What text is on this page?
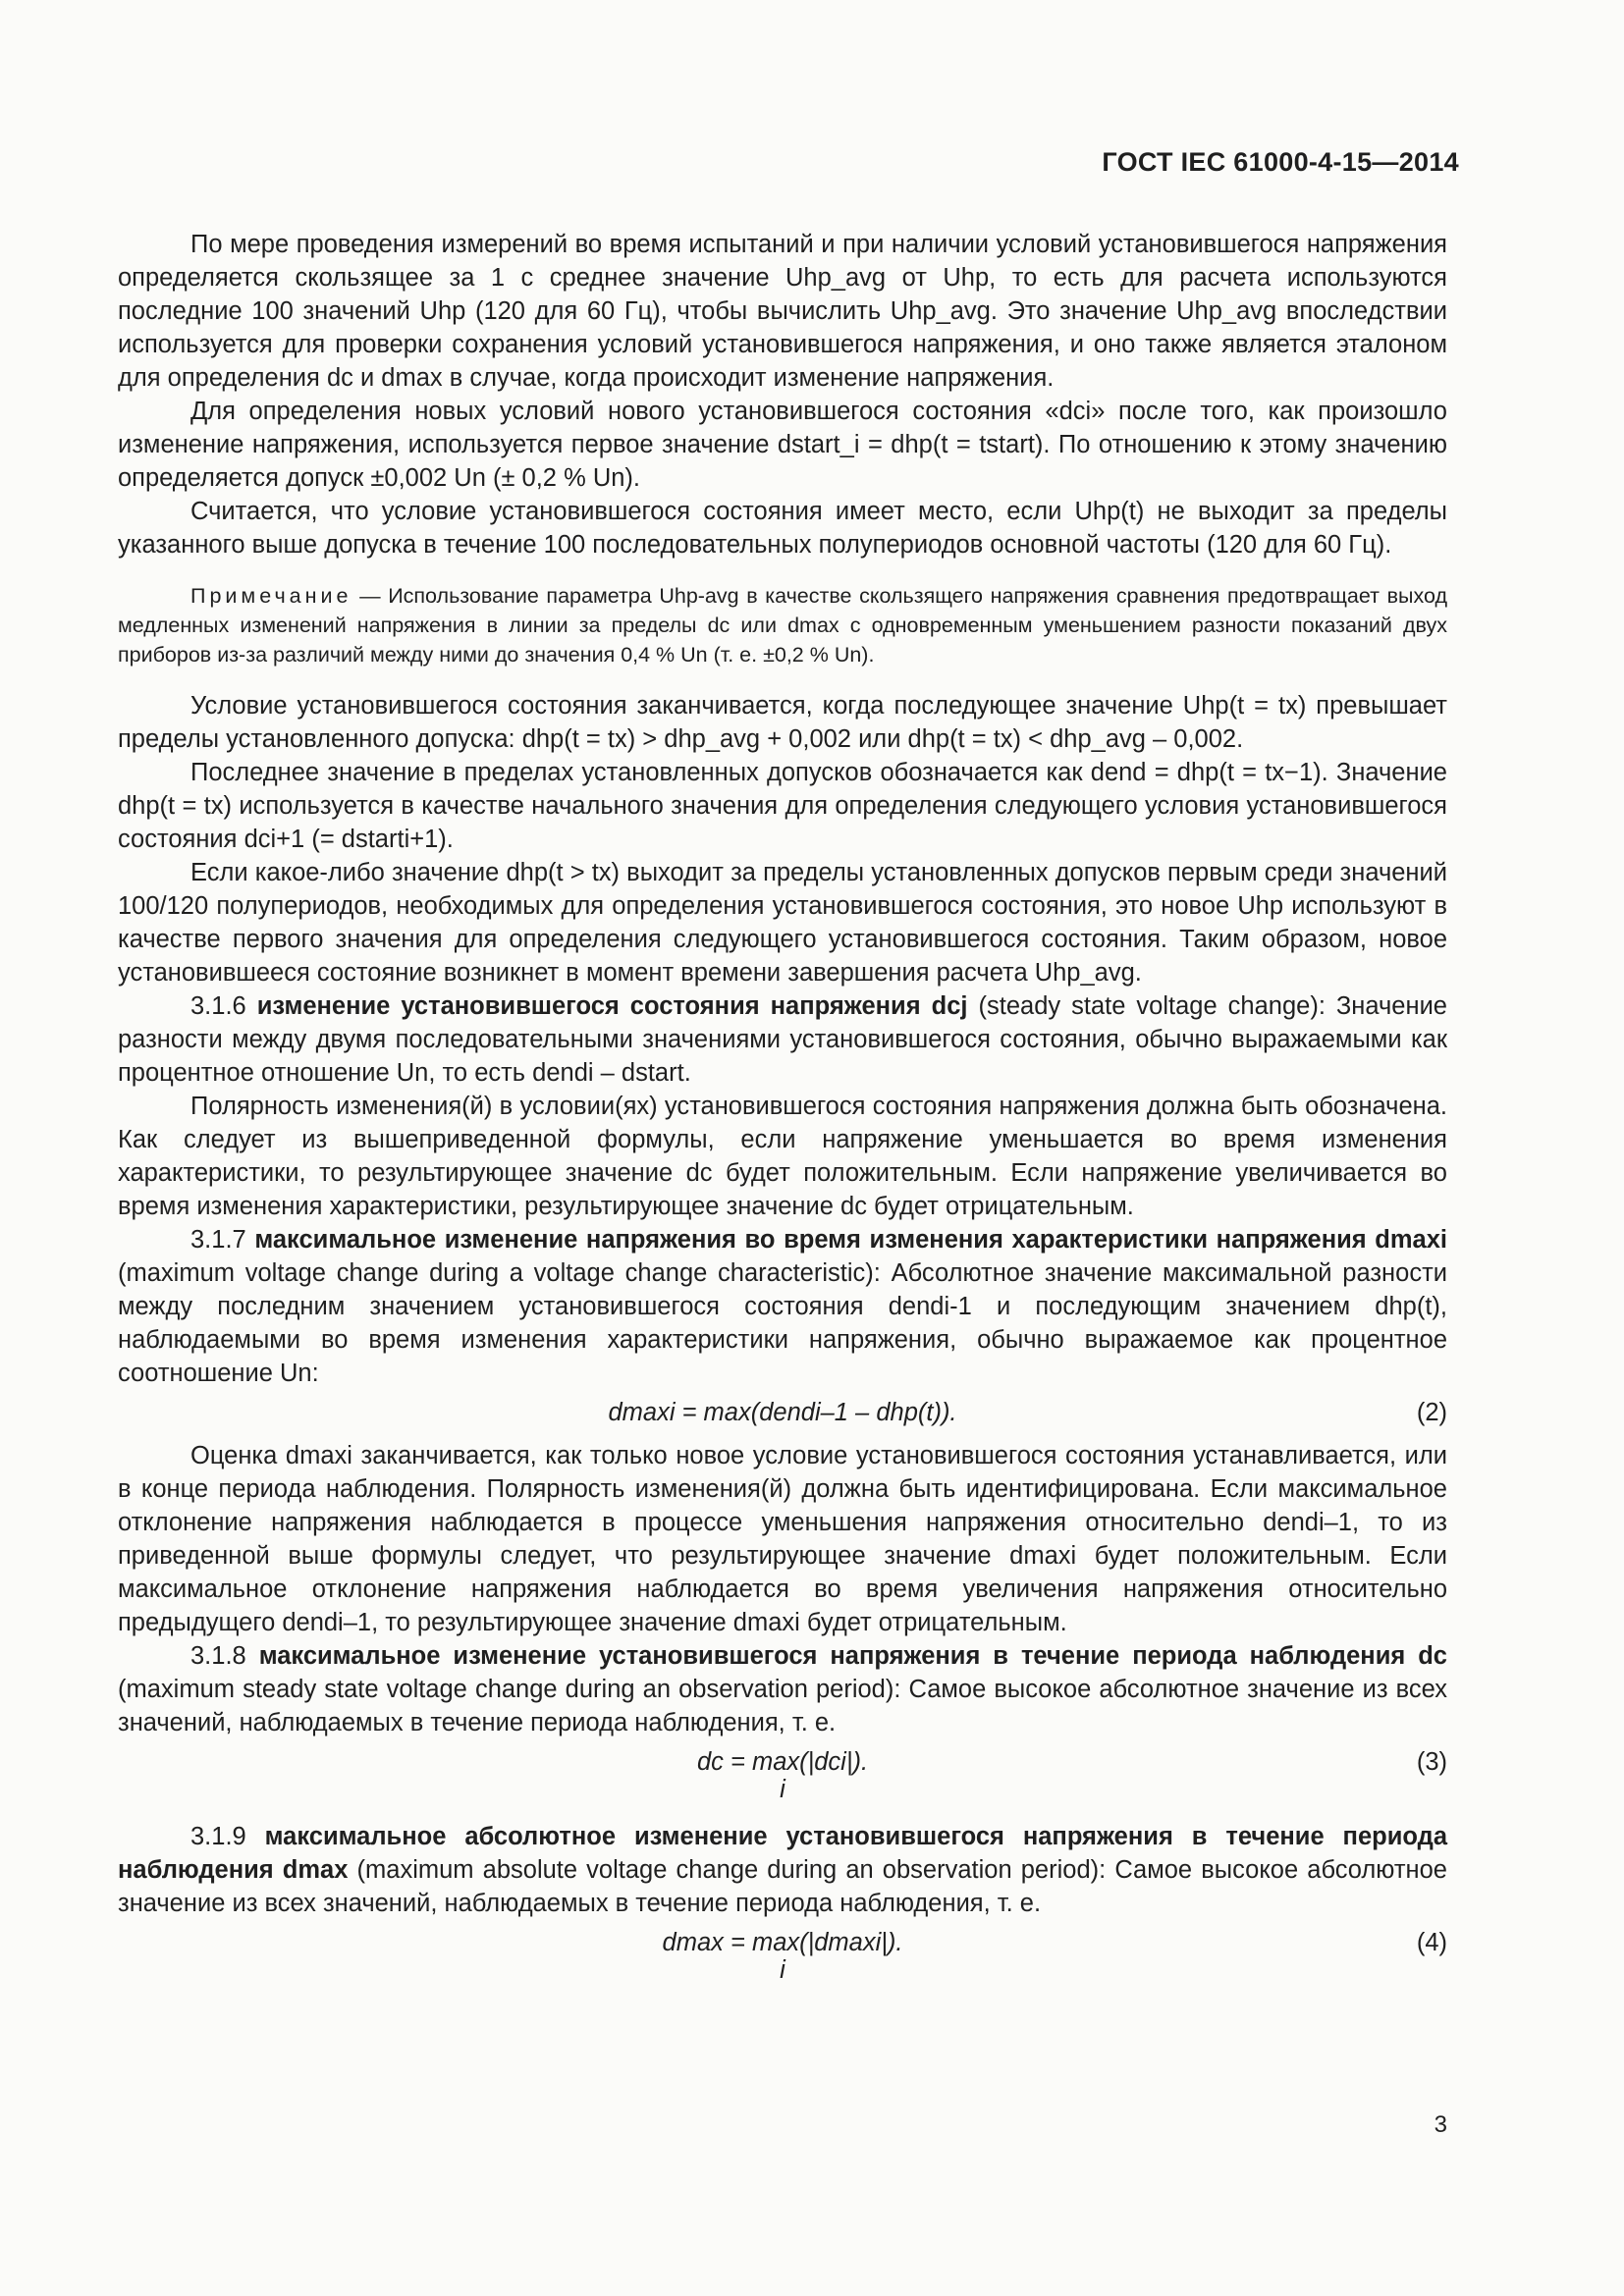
ГОСТ IEC 61000-4-15—2014

По мере проведения измерений во время испытаний и при наличии условий установившегося напряжения определяется скользящее за 1 с среднее значение Uhp_avg от Uhp, то есть для расчета используются последние 100 значений Uhp (120 для 60 Гц), чтобы вычислить Uhp_avg. Это значение Uhp_avg впоследствии используется для проверки сохранения условий установившегося напряжения, и оно также является эталоном для определения dc и dmax в случае, когда происходит изменение напряжения.

Для определения новых условий нового установившегося состояния «dci» после того, как произошло изменение напряжения, используется первое значение dstart_i = dhp(t = tstart). По отношению к этому значению определяется допуск ±0,002 Un (± 0,2 % Un).

Считается, что условие установившегося состояния имеет место, если Uhp(t) не выходит за пределы указанного выше допуска в течение 100 последовательных полупериодов основной частоты (120 для 60 Гц).

Примечание — Использование параметра Uhp-avg в качестве скользящего напряжения сравнения предотвращает выход медленных изменений напряжения в линии за пределы dc или dmax с одновременным уменьшением разности показаний двух приборов из-за различий между ними до значения 0,4 % Un (т. е. ±0,2 % Un).

Условие установившегося состояния заканчивается, когда последующее значение Uhp(t = tx) превышает пределы установленного допуска: dhp(t = tx) > dhp_avg + 0,002 или dhp(t = tx) < dhp_avg – 0,002.

Последнее значение в пределах установленных допусков обозначается как dend = dhp(t = tx−1). Значение dhp(t = tx) используется в качестве начального значения для определения следующего условия установившегося состояния dci+1 (= dstarti+1).

Если какое-либо значение dhp(t > tx) выходит за пределы установленных допусков первым среди значений 100/120 полупериодов, необходимых для определения установившегося состояния, это новое Uhp используют в качестве первого значения для определения следующего установившегося состояния. Таким образом, новое установившееся состояние возникнет в момент времени завершения расчета Uhp_avg.

3.1.6 изменение установившегося состояния напряжения dcj (steady state voltage change): Значение разности между двумя последовательными значениями установившегося состояния, обычно выражаемыми как процентное отношение Un, то есть dendi – dstart.

Полярность изменения(й) в условии(ях) установившегося состояния напряжения должна быть обозначена. Как следует из вышеприведенной формулы, если напряжение уменьшается во время изменения характеристики, то результирующее значение dc будет положительным. Если напряжение увеличивается во время изменения характеристики, результирующее значение dc будет отрицательным.

3.1.7 максимальное изменение напряжения во время изменения характеристики напряжения dmaxi (maximum voltage change during a voltage change characteristic): Абсолютное значение максимальной разности между последним значением установившегося состояния dendi-1 и последующим значением dhp(t), наблюдаемыми во время изменения характеристики напряжения, обычно выражаемое как процентное соотношение Un:

dmaxi = max(dendi–1 – dhp(t)).	(2)

Оценка dmaxi заканчивается, как только новое условие установившегося состояния устанавливается, или в конце периода наблюдения. Полярность изменения(й) должна быть идентифицирована. Если максимальное отклонение напряжения наблюдается в процессе уменьшения напряжения относительно dendi–1, то из приведенной выше формулы следует, что результирующее значение dmaxi будет положительным. Если максимальное отклонение напряжения наблюдается во время увеличения напряжения относительно предыдущего dendi–1, то результирующее значение dmaxi будет отрицательным.

3.1.8 максимальное изменение установившегося напряжения в течение периода наблюдения dc (maximum steady state voltage change during an observation period): Самое высокое абсолютное значение из всех значений, наблюдаемых в течение периода наблюдения, т. е.

dc = max(|dci|).
i
(3)

3.1.9 максимальное абсолютное изменение установившегося напряжения в течение периода наблюдения dmax (maximum absolute voltage change during an observation period): Самое высокое абсолютное значение из всех значений, наблюдаемых в течение периода наблюдения, т. е.

dmax = max(|dmaxi|).
i
(4)
3
